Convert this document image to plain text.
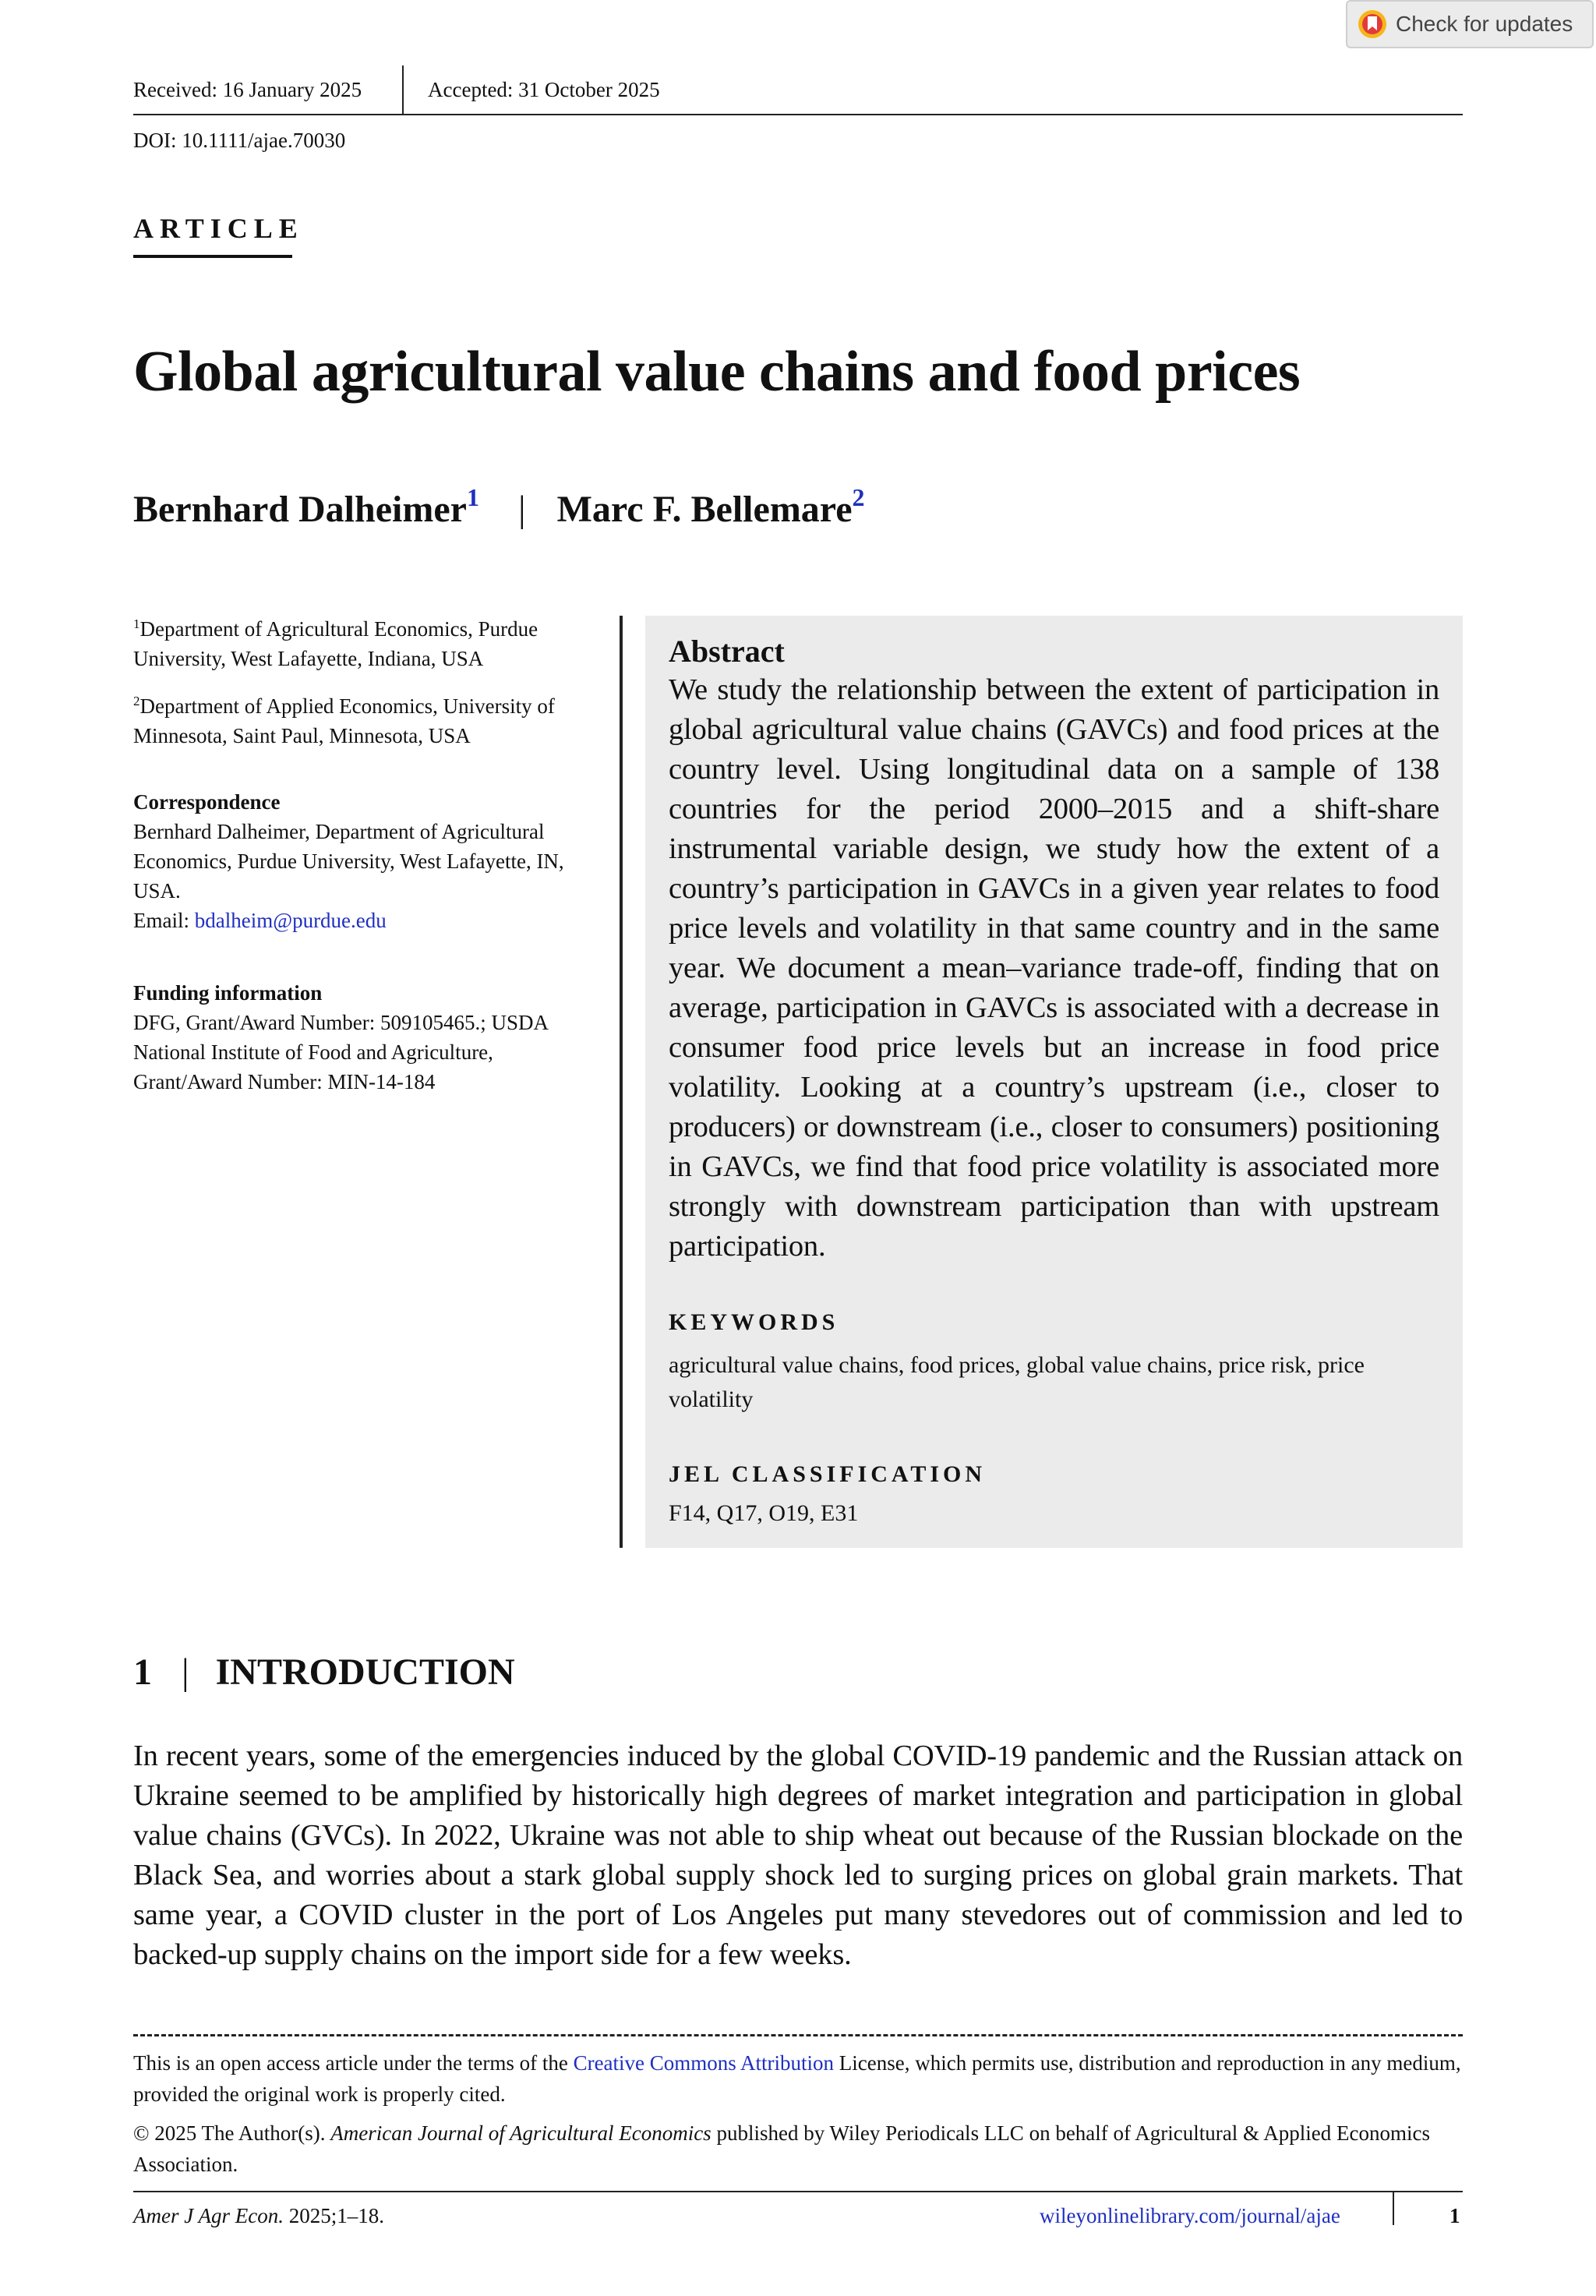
Check for updates
Received: 16 January 2025	Accepted: 31 October 2025
DOI: 10.1111/ajae.70030
ARTICLE
Global agricultural value chains and food prices
Bernhard Dalheimer$^1$ | Marc F. Bellemare$^2$

$^1$Department of Agricultural Economics, Purdue University, West Lafayette, Indiana, USA

$^2$Department of Applied Economics, University of Minnesota, Saint Paul, Minnesota, USA

Correspondence

Bernhard Dalheimer, Department of Agricultural Economics, Purdue University, West Lafayette, IN, USA.

Email: bdalheim@purdue.edu

Funding information

DFG, Grant/Award Number: 509105465.; USDA National Institute of Food and Agriculture, Grant/Award Number: MIN-14-184

Abstract
We study the relationship between the extent of participation in global agricultural value chains (GAVCs) and food prices at the country level. Using longitudinal data on a sample of 138 countries for the period 2000–2015 and a shift-share instrumental variable design, we study how the extent of a country’s participation in GAVCs in a given year relates to food price levels and volatility in that same country and in the same year. We document a mean–variance trade-off, finding that on average, participation in GAVCs is associated with a decrease in consumer food price levels but an increase in food price volatility. Looking at a country’s upstream (i.e., closer to producers) or downstream (i.e., closer to consumers) positioning in GAVCs, we find that food price volatility is associated more strongly with downstream participation than with upstream participation.
KEYWORDS
agricultural value chains, food prices, global value chains, price risk, price volatility
JEL CLASSIFICATION
F14, Q17, O19, E31
1 | INTRODUCTION
In recent years, some of the emergencies induced by the global COVID-19 pandemic and the Russian attack on Ukraine seemed to be amplified by historically high degrees of market integration and participation in global value chains (GVCs). In 2022, Ukraine was not able to ship wheat out because of the Russian blockade on the Black Sea, and worries about a stark global supply shock led to surging prices on global grain markets. That same year, a COVID cluster in the port of Los Angeles put many stevedores out of commission and led to backed-up supply chains on the import side for a few weeks.
This is an open access article under the terms of the Creative Commons Attribution License, which permits use, distribution and reproduction in any medium, provided the original work is properly cited.
© 2025 The Author(s). American Journal of Agricultural Economics published by Wiley Periodicals LLC on behalf of Agricultural & Applied Economics Association.
Amer J Agr Econ. 2025;1–18.	wileyonlinelibrary.com/journal/ajae	1
